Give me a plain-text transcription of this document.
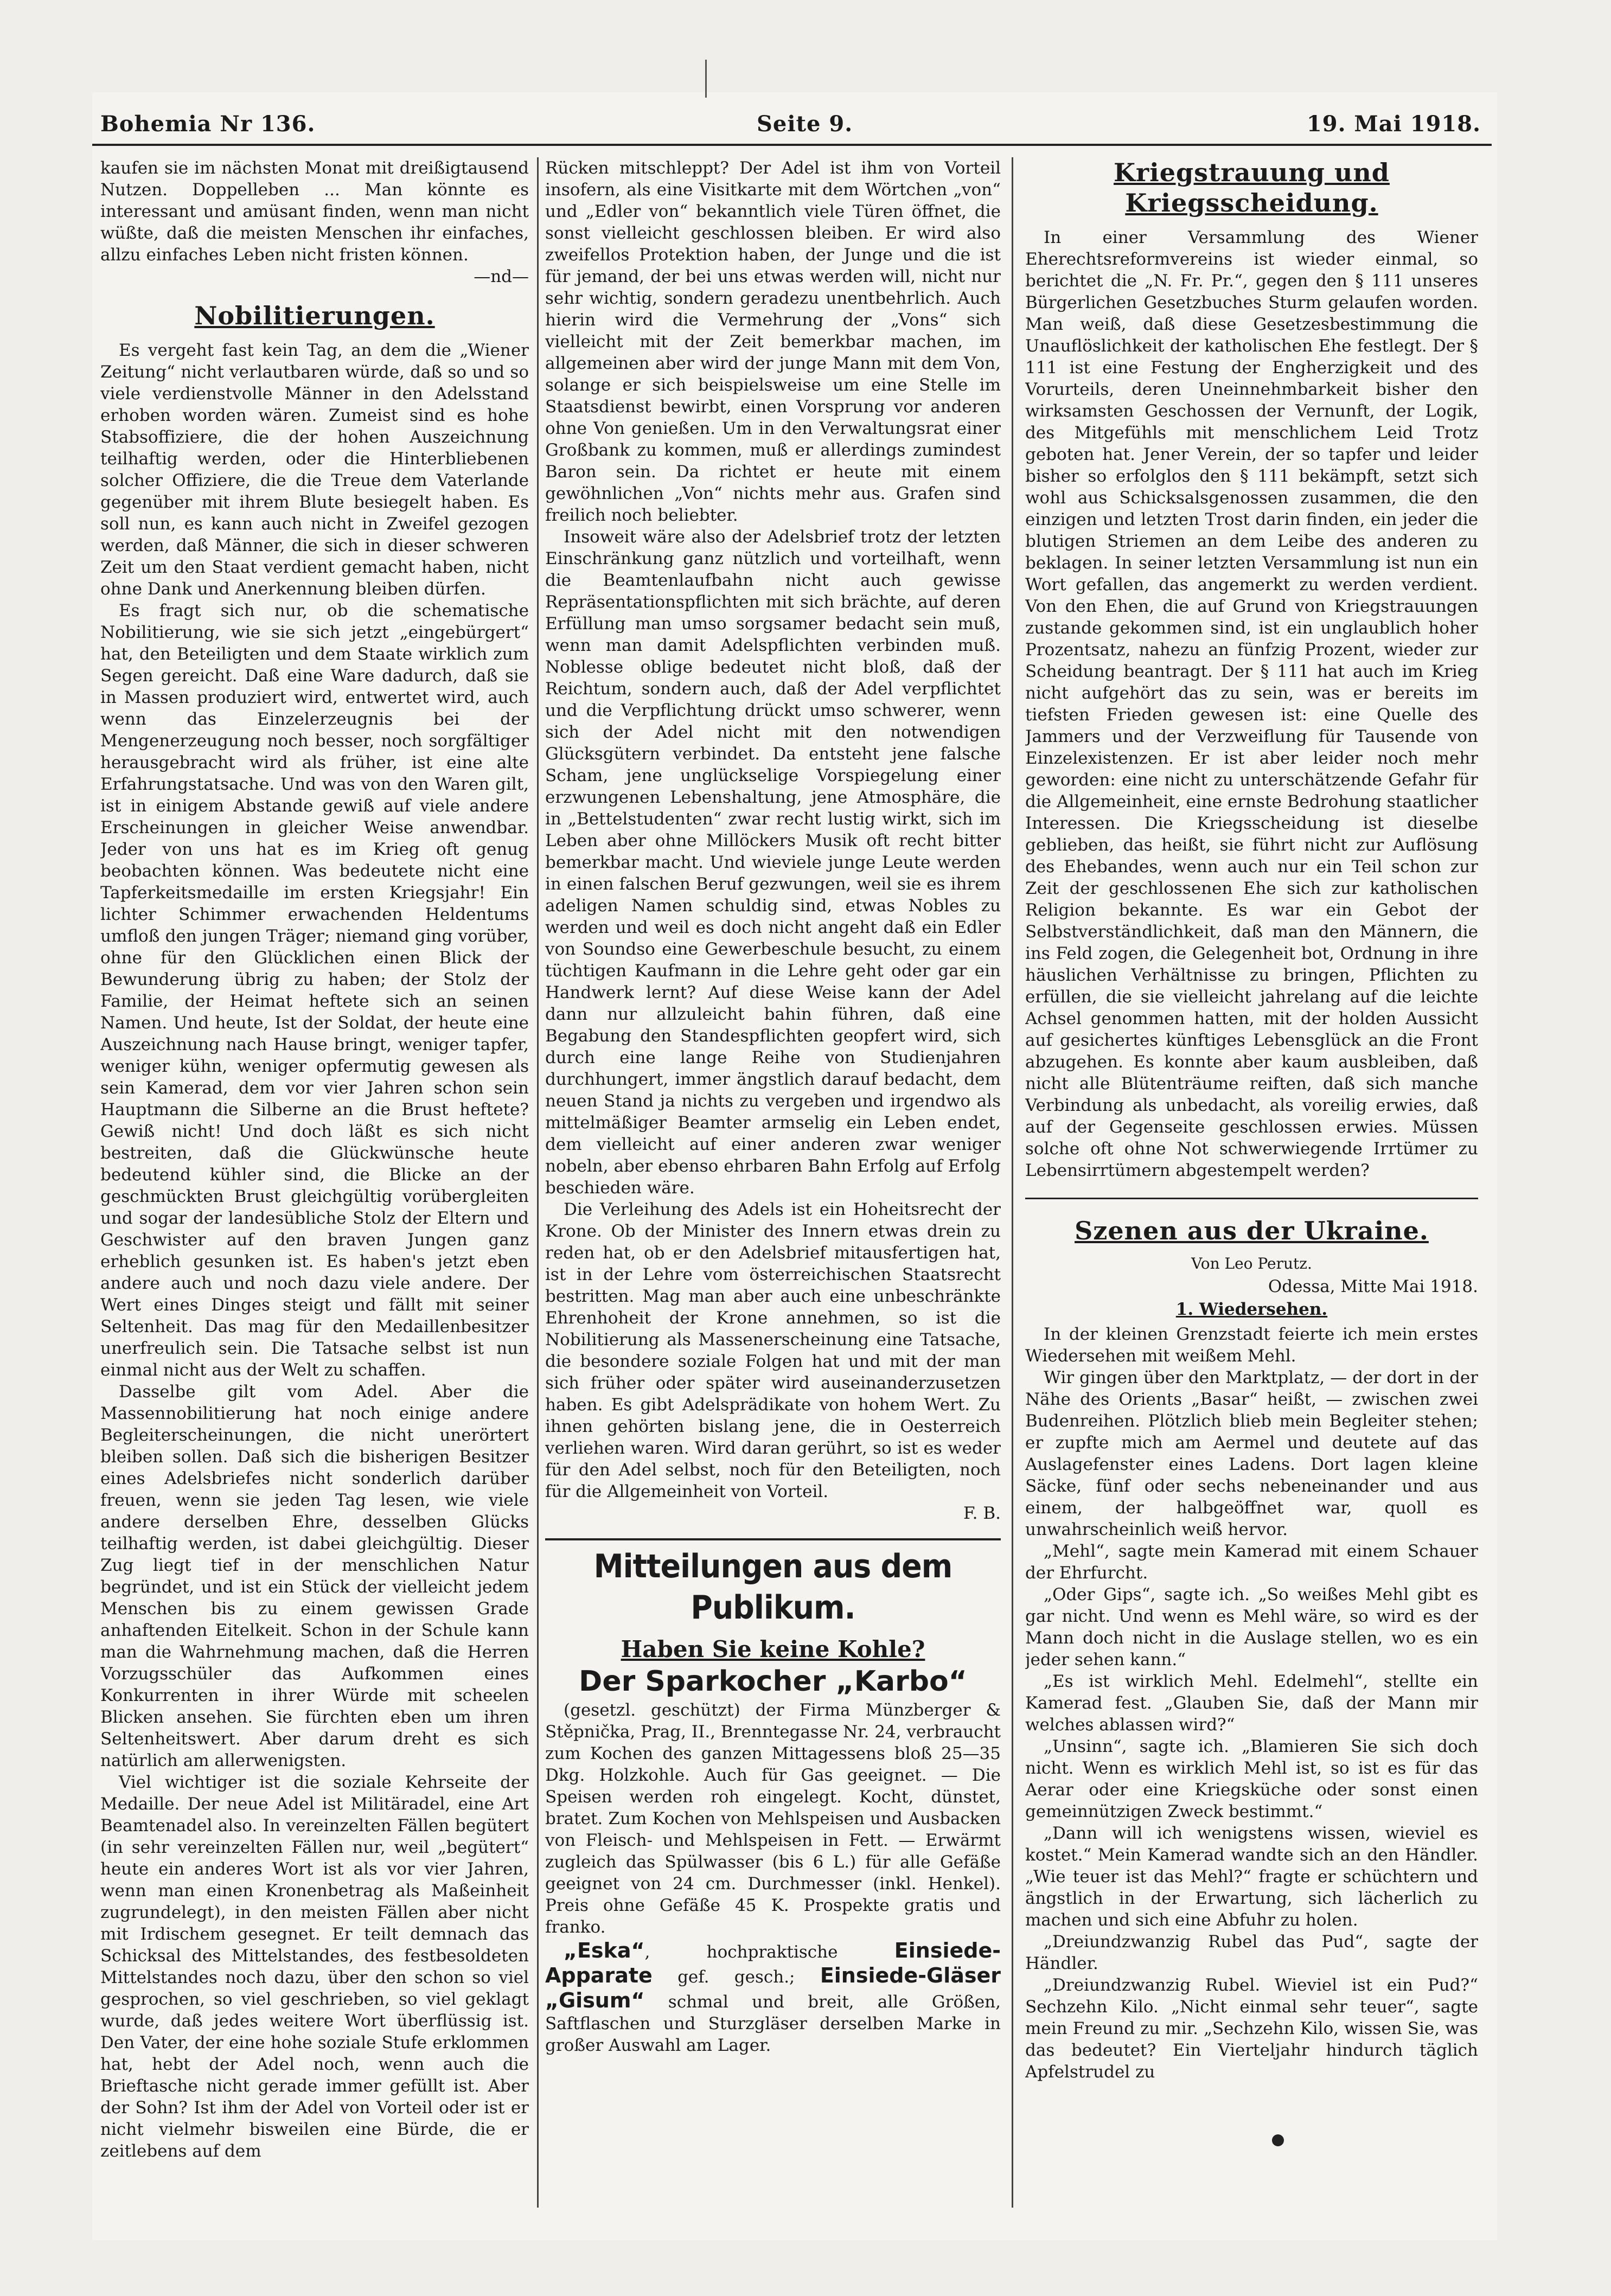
Bohemia Nr 136.	Seite 9.	19. Mai 1918.

kaufen sie im nächsten Monat mit dreißigtausend Nutzen. Doppelleben ... Man könnte es interessant und amüsant finden, wenn man nicht wüßte, daß die meisten Menschen ihr einfaches, allzu einfaches Leben nicht fristen können.

—nd—
Nobilitierungen.

Es vergeht fast kein Tag, an dem die „Wiener Zeitung“ nicht verlautbaren würde, daß so und so viele verdienstvolle Männer in den Adelsstand erhoben worden wären. Zumeist sind es hohe Stabsoffiziere, die der hohen Auszeichnung teilhaftig werden, oder die Hinterbliebenen solcher Offiziere, die die Treue dem Vaterlande gegenüber mit ihrem Blute besiegelt haben. Es soll nun, es kann auch nicht in Zweifel gezogen werden, daß Männer, die sich in dieser schweren Zeit um den Staat verdient gemacht haben, nicht ohne Dank und Anerkennung bleiben dürfen.

Es fragt sich nur, ob die schematische Nobilitierung, wie sie sich jetzt „eingebürgert“ hat, den Beteiligten und dem Staate wirklich zum Segen gereicht. Daß eine Ware dadurch, daß sie in Massen produziert wird, entwertet wird, auch wenn das Einzelerzeugnis bei der Mengenerzeugung noch besser, noch sorgfältiger herausgebracht wird als früher, ist eine alte Erfahrungstatsache. Und was von den Waren gilt, ist in einigem Abstande gewiß auf viele andere Erscheinungen in gleicher Weise anwendbar. Jeder von uns hat es im Krieg oft genug beobachten können. Was bedeutete nicht eine Tapferkeitsmedaille im ersten Kriegsjahr! Ein lichter Schimmer erwachenden Heldentums umfloß den jungen Träger; niemand ging vorüber, ohne für den Glücklichen einen Blick der Bewunderung übrig zu haben; der Stolz der Familie, der Heimat heftete sich an seinen Namen. Und heute, Ist der Soldat, der heute eine Auszeichnung nach Hause bringt, weniger tapfer, weniger kühn, weniger opfermutig gewesen als sein Kamerad, dem vor vier Jahren schon sein Hauptmann die Silberne an die Brust heftete? Gewiß nicht! Und doch läßt es sich nicht bestreiten, daß die Glückwünsche heute bedeutend kühler sind, die Blicke an der geschmückten Brust gleichgültig vorübergleiten und sogar der landesübliche Stolz der Eltern und Geschwister auf den braven Jungen ganz erheblich gesunken ist. Es haben's jetzt eben andere auch und noch dazu viele andere. Der Wert eines Dinges steigt und fällt mit seiner Seltenheit. Das mag für den Medaillenbesitzer unerfreulich sein. Die Tatsache selbst ist nun einmal nicht aus der Welt zu schaffen.

Dasselbe gilt vom Adel. Aber die Massennobilitierung hat noch einige andere Begleiterscheinungen, die nicht unerörtert bleiben sollen. Daß sich die bisherigen Besitzer eines Adelsbriefes nicht sonderlich darüber freuen, wenn sie jeden Tag lesen, wie viele andere derselben Ehre, desselben Glücks teilhaftig werden, ist dabei gleichgültig. Dieser Zug liegt tief in der menschlichen Natur begründet, und ist ein Stück der vielleicht jedem Menschen bis zu einem gewissen Grade anhaftenden Eitelkeit. Schon in der Schule kann man die Wahrnehmung machen, daß die Herren Vorzugsschüler das Aufkommen eines Konkurrenten in ihrer Würde mit scheelen Blicken ansehen. Sie fürchten eben um ihren Seltenheitswert. Aber darum dreht es sich natürlich am allerwenigsten.

Viel wichtiger ist die soziale Kehrseite der Medaille. Der neue Adel ist Militäradel, eine Art Beamtenadel also. In vereinzelten Fällen begütert (in sehr vereinzelten Fällen nur, weil „begütert“ heute ein anderes Wort ist als vor vier Jahren, wenn man einen Kronenbetrag als Maßeinheit zugrundelegt), in den meisten Fällen aber nicht mit Irdischem gesegnet. Er teilt demnach das Schicksal des Mittelstandes, des festbesoldeten Mittelstandes noch dazu, über den schon so viel gesprochen, so viel geschrieben, so viel geklagt wurde, daß jedes weitere Wort überflüssig ist. Den Vater, der eine hohe soziale Stufe erklommen hat, hebt der Adel noch, wenn auch die Brieftasche nicht gerade immer gefüllt ist. Aber der Sohn? Ist ihm der Adel von Vorteil oder ist er nicht vielmehr bisweilen eine Bürde, die er zeitlebens auf dem

Rücken mitschleppt? Der Adel ist ihm von Vorteil insofern, als eine Visitkarte mit dem Wörtchen „von“ und „Edler von“ bekanntlich viele Türen öffnet, die sonst vielleicht geschlossen bleiben. Er wird also zweifellos Protektion haben, der Junge und die ist für jemand, der bei uns etwas werden will, nicht nur sehr wichtig, sondern geradezu unentbehrlich. Auch hierin wird die Vermehrung der „Vons“ sich vielleicht mit der Zeit bemerkbar machen, im allgemeinen aber wird der junge Mann mit dem Von, solange er sich beispielsweise um eine Stelle im Staatsdienst bewirbt, einen Vorsprung vor anderen ohne Von genießen. Um in den Verwaltungsrat einer Großbank zu kommen, muß er allerdings zumindest Baron sein. Da richtet er heute mit einem gewöhnlichen „Von“ nichts mehr aus. Grafen sind freilich noch beliebter.

Insoweit wäre also der Adelsbrief trotz der letzten Einschränkung ganz nützlich und vorteilhaft, wenn die Beamtenlaufbahn nicht auch gewisse Repräsentationspflichten mit sich brächte, auf deren Erfüllung man umso sorgsamer bedacht sein muß, wenn man damit Adelspflichten verbinden muß. Noblesse oblige bedeutet nicht bloß, daß der Reichtum, sondern auch, daß der Adel verpflichtet und die Verpflichtung drückt umso schwerer, wenn sich der Adel nicht mit den notwendigen Glücksgütern verbindet. Da entsteht jene falsche Scham, jene unglückselige Vorspiegelung einer erzwungenen Lebenshaltung, jene Atmosphäre, die in „Bettelstudenten“ zwar recht lustig wirkt, sich im Leben aber ohne Millöckers Musik oft recht bitter bemerkbar macht. Und wieviele junge Leute werden in einen falschen Beruf gezwungen, weil sie es ihrem adeligen Namen schuldig sind, etwas Nobles zu werden und weil es doch nicht angeht daß ein Edler von Soundso eine Gewerbeschule besucht, zu einem tüchtigen Kaufmann in die Lehre geht oder gar ein Handwerk lernt? Auf diese Weise kann der Adel dann nur allzuleicht bahin führen, daß eine Begabung den Standespflichten geopfert wird, sich durch eine lange Reihe von Studienjahren durchhungert, immer ängstlich darauf bedacht, dem neuen Stand ja nichts zu vergeben und irgendwo als mittelmäßiger Beamter armselig ein Leben endet, dem vielleicht auf einer anderen zwar weniger nobeln, aber ebenso ehrbaren Bahn Erfolg auf Erfolg beschieden wäre.

Die Verleihung des Adels ist ein Hoheitsrecht der Krone. Ob der Minister des Innern etwas drein zu reden hat, ob er den Adelsbrief mitausfertigen hat, ist in der Lehre vom österreichischen Staatsrecht bestritten. Mag man aber auch eine unbeschränkte Ehrenhoheit der Krone annehmen, so ist die Nobilitierung als Massenerscheinung eine Tatsache, die besondere soziale Folgen hat und mit der man sich früher oder später wird auseinanderzusetzen haben. Es gibt Adelsprädikate von hohem Wert. Zu ihnen gehörten bislang jene, die in Oesterreich verliehen waren. Wird daran gerührt, so ist es weder für den Adel selbst, noch für den Beteiligten, noch für die Allgemeinheit von Vorteil.

F. B.
Mitteilungen aus dem Publikum.
Haben Sie keine Kohle?
Der Sparkocher „Karbo“

(gesetzl. geschützt) der Firma Münzberger & Stěpnička, Prag, II., Brenntegasse Nr. 24, verbraucht zum Kochen des ganzen Mittagessens bloß 25—35 Dkg. Holzkohle. Auch für Gas geeignet. — Die Speisen werden roh eingelegt. Kocht, dünstet, bratet. Zum Kochen von Mehlspeisen und Ausbacken von Fleisch- und Mehlspeisen in Fett. — Erwärmt zugleich das Spülwasser (bis 6 L.) für alle Gefäße geeignet von 24 cm. Durchmesser (inkl. Henkel). Preis ohne Gefäße 45 K. Prospekte gratis und franko.

„Eska“, hochpraktische	Einsiede-Apparate gef. gesch.; Einsiede-Gläser „Gisum“ schmal und breit, alle Größen, Saftflaschen und Sturzgläser derselben Marke in großer Auswahl am Lager.

Kriegstrauung und Kriegsscheidung.

In einer Versammlung des Wiener Eherechtsreformvereins ist wieder einmal, so berichtet die „N. Fr. Pr.“, gegen den § 111 unseres Bürgerlichen Gesetzbuches Sturm gelaufen worden. Man weiß, daß diese Gesetzesbestimmung die Unauflöslichkeit der katholischen Ehe festlegt. Der § 111 ist eine Festung der Engherzigkeit und des Vorurteils, deren Uneinnehmbarkeit bisher den wirksamsten Geschossen der Vernunft, der Logik, des Mitgefühls mit menschlichem Leid Trotz geboten hat. Jener Verein, der so tapfer und leider bisher so erfolglos den § 111 bekämpft, setzt sich wohl aus Schicksalsgenossen zusammen, die den einzigen und letzten Trost darin finden, ein jeder die blutigen Striemen an dem Leibe des anderen zu beklagen. In seiner letzten Versammlung ist nun ein Wort gefallen, das angemerkt zu werden verdient. Von den Ehen, die auf Grund von Kriegstrauungen zustande gekommen sind, ist ein unglaublich hoher Prozentsatz, nahezu an fünfzig Prozent, wieder zur Scheidung beantragt. Der § 111 hat auch im Krieg nicht aufgehört das zu sein, was er bereits im tiefsten Frieden gewesen ist: eine Quelle des Jammers und der Verzweiflung für Tausende von Einzelexistenzen. Er ist aber leider noch mehr geworden: eine nicht zu unterschätzende Gefahr für die Allgemeinheit, eine ernste Bedrohung staatlicher Interessen. Die Kriegsscheidung ist dieselbe geblieben, das heißt, sie führt nicht zur Auflösung des Ehebandes, wenn auch nur ein Teil schon zur Zeit der geschlossenen Ehe sich zur katholischen Religion bekannte. Es war ein Gebot der Selbstverständlichkeit, daß man den Männern, die ins Feld zogen, die Gelegenheit bot, Ordnung in ihre häuslichen Verhältnisse zu bringen, Pflichten zu erfüllen, die sie vielleicht jahrelang auf die leichte Achsel genommen hatten, mit der holden Aussicht auf gesichertes künftiges Lebensglück an die Front abzugehen. Es konnte aber kaum ausbleiben, daß nicht alle Blütenträume reiften, daß sich manche Verbindung als unbedacht, als voreilig erwies, daß auf der Gegenseite geschlossen erwies. Müssen solche oft ohne Not schwerwiegende Irrtümer zu Lebensirrtümern abgestempelt werden?

Szenen aus der Ukraine.
Von Leo Perutz.
Odessa, Mitte Mai 1918.
1. Wiedersehen.

In der kleinen Grenzstadt feierte ich mein erstes Wiedersehen mit weißem Mehl.

Wir gingen über den Marktplatz, — der dort in der Nähe des Orients „Basar“ heißt, — zwischen zwei Budenreihen. Plötzlich blieb mein Begleiter stehen; er zupfte mich am Aermel und deutete auf das Auslagefenster eines Ladens. Dort lagen kleine Säcke, fünf oder sechs nebeneinander und aus einem, der halbgeöffnet war, quoll es unwahrscheinlich weiß hervor.

„Mehl“, sagte mein Kamerad mit einem Schauer der Ehrfurcht.

„Oder Gips“, sagte ich. „So weißes Mehl gibt es gar nicht. Und wenn es Mehl wäre, so wird es der Mann doch nicht in die Auslage stellen, wo es ein jeder sehen kann.“

„Es ist wirklich Mehl. Edelmehl“, stellte ein Kamerad fest. „Glauben Sie, daß der Mann mir welches ablassen wird?“

„Unsinn“, sagte ich. „Blamieren Sie sich doch nicht. Wenn es wirklich Mehl ist, so ist es für das Aerar oder eine Kriegsküche oder sonst einen gemeinnützigen Zweck bestimmt.“

„Dann will ich wenigstens wissen, wieviel es kostet.“ Mein Kamerad wandte sich an den Händler. „Wie teuer ist das Mehl?“ fragte er schüchtern und ängstlich in der Erwartung, sich lächerlich zu machen und sich eine Abfuhr zu holen.

„Dreiundzwanzig Rubel das Pud“, sagte der Händler.

„Dreiundzwanzig Rubel. Wieviel ist ein Pud?“ Sechzehn Kilo. „Nicht einmal sehr teuer“, sagte mein Freund zu mir. „Sechzehn Kilo, wissen Sie, was das bedeutet? Ein Vierteljahr hindurch täglich Apfelstrudel zu
